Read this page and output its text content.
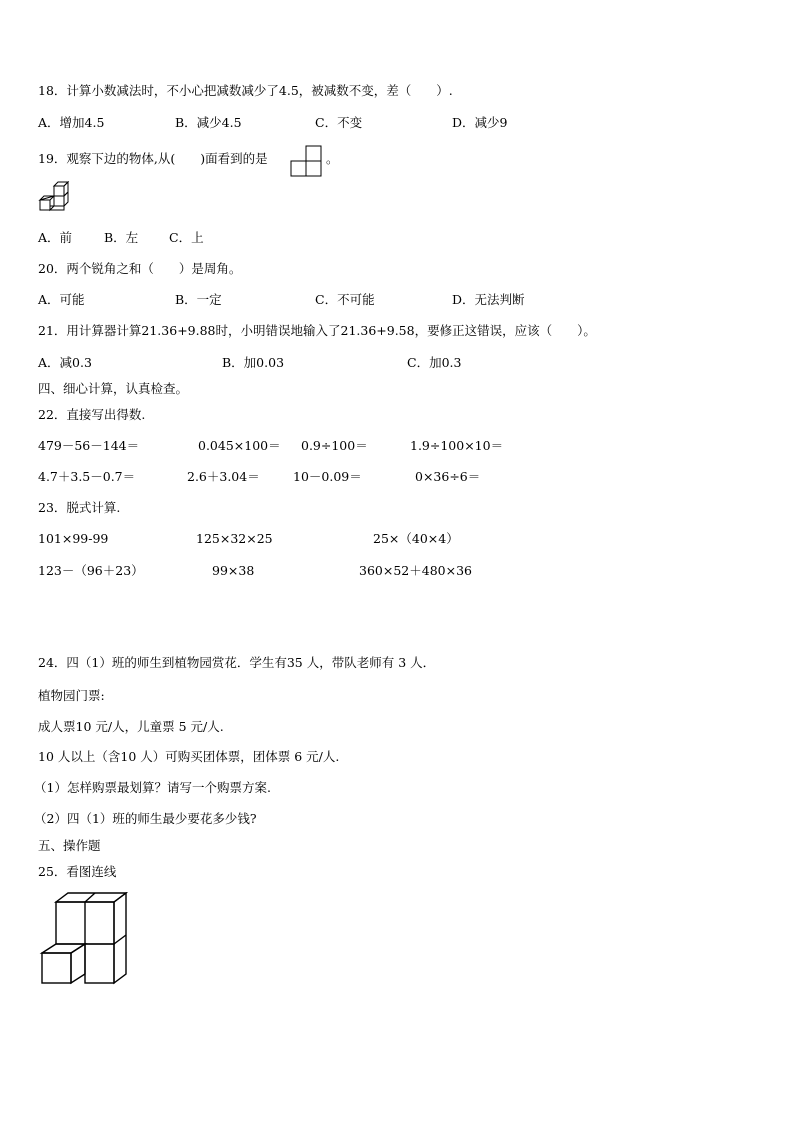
18．计算小数减法时，不小心把减数减少了4.5，被减数不变，差（　　）.
A．增加4.5	B．减少4.5	C．不变	D．减少9
19．观察下边的物体,从(　　)面看到的是	。
A．前	B．左 C．上
20．两个锐角之和（　　）是周角。
A．可能	B．一定	C．不可能	D．无法判断
21．用计算器计算21.36+9.88时，小明错误地输入了21.36+9.58，要修正这错误，应该（　　）。
A．减0.3	B．加0.03	C．加0.3
四、细心计算，认真检查。
22．直接写出得数.
479－56－144＝	0.045×100＝ 0.9÷100＝	1.9÷100×10＝
4.7＋3.5－0.7＝	2.6＋3.04＝	10－0.09＝	0×36÷6＝
23．脱式计算.
101×99-99	125×32×25	25×（40×4）
123－（96＋23）	99×38	360×52＋480×36
24．四（1）班的师生到植物园赏花．学生有35 人，带队老师有 3 人．
植物园门票:
成人票10 元/人，儿童票 5 元/人.
10 人以上（含10 人）可购买团体票，团体票 6 元/人.
（1）怎样购票最划算？请写一个购票方案.
（2）四（1）班的师生最少要花多少钱?
五、操作题
25．看图连线
